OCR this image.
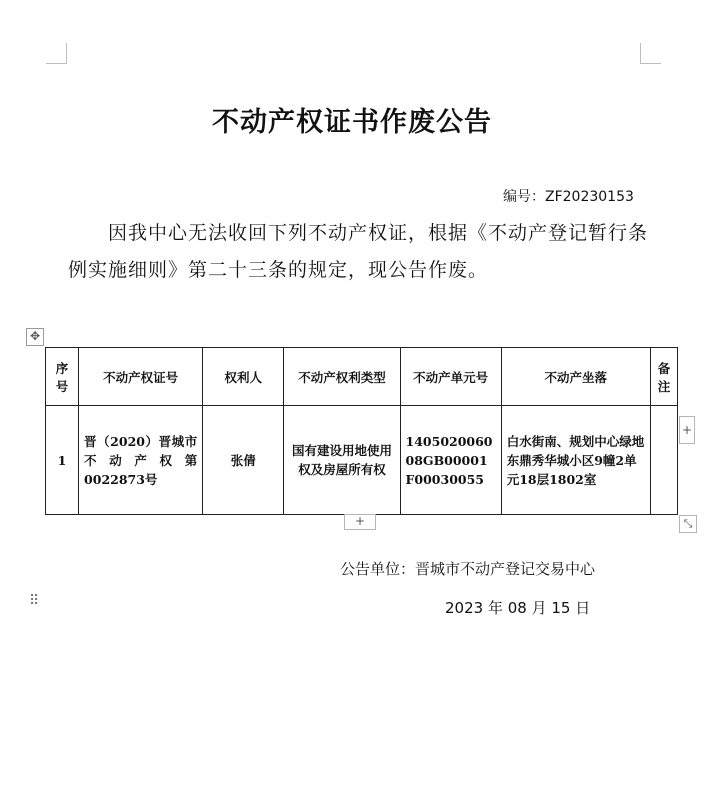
不动产权证书作废公告
编号：ZF20230153
因我中心无法收回下列不动产权证，根据《不动产登记暂行条例实施细则》第二十三条的规定，现公告作废。
✥
序号	不动产权证号	权利人	不动产权利类型	不动产单元号	不动产坐落	备注
1	晋（2020）晋城市不动产权第0022873号	张倩	国有建设用地使用权及房屋所有权	140502006008GB00001F00030055	白水街南、规划中心绿地东鼎秀华城小区9幢2单元18层1802室	
+
+	⤡
公告单位：晋城市不动产登记交易中心
⠿	2023 年 08 月 15 日
